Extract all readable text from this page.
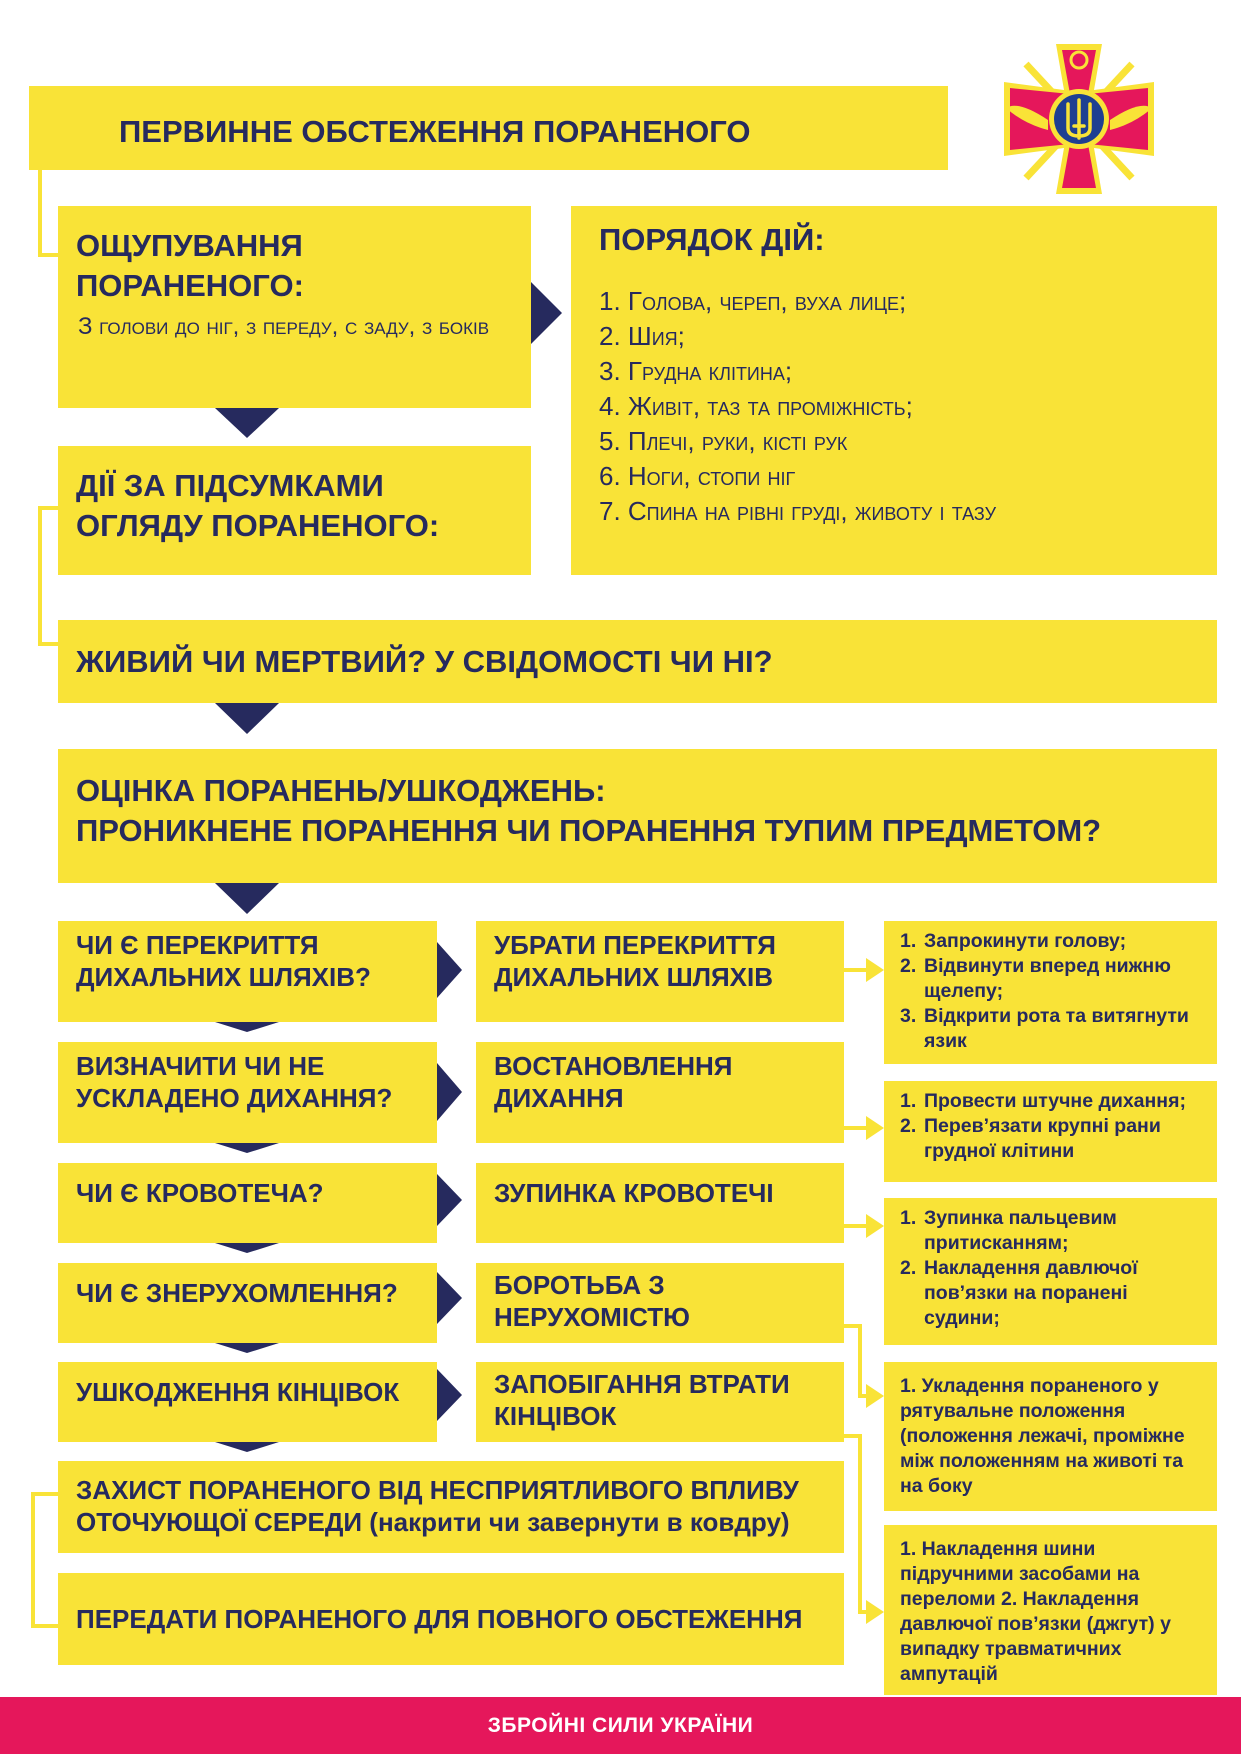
ПЕРВИННЕ ОБСТЕЖЕННЯ ПОРАНЕНОГО
ОЩУПУВАННЯ
ПОРАНЕНОГО:
З голови до ніг, з переду, с заду, з боків
ПОРЯДОК ДІЙ:
1. Голова, череп, вуха лице;
2. Шия;
3. Грудна клітина;
4. Живіт, таз та проміжність;
5. Плечі, руки, кісті рук
6. Ноги, стопи ніг
7. Спина на рівні груді, животу і тазу
ДІЇ ЗА ПІДСУМКАМИ
ОГЛЯДУ ПОРАНЕНОГО:
ЖИВИЙ ЧИ МЕРТВИЙ? У СВІДОМОСТІ ЧИ НІ?
ОЦІНКА ПОРАНЕНЬ/УШКОДЖЕНЬ:
ПРОНИКНЕНЕ ПОРАНЕННЯ ЧИ ПОРАНЕННЯ ТУПИМ ПРЕДМЕТОМ?
ЧИ Є ПЕРЕКРИТТЯ
ДИХАЛЬНИХ ШЛЯХІВ?
УБРАТИ ПЕРЕКРИТТЯ
ДИХАЛЬНИХ ШЛЯХІВ
ВИЗНАЧИТИ ЧИ НЕ
УСКЛАДЕНО ДИХАННЯ?
ВОСТАНОВЛЕННЯ
ДИХАННЯ
ЧИ Є КРОВОТЕЧА?	ЗУПИНКА КРОВОТЕЧІ
ЧИ Є ЗНЕРУХОМЛЕННЯ?	БОРОТЬБА З
НЕРУХОМІСТЮ
УШКОДЖЕННЯ КІНЦІВОК	ЗАПОБІГАННЯ ВТРАТИ
КІНЦІВОК
1. Запрокинути голову;
2. Відвинути вперед нижню щелепу;
3. Відкрити рота та витягнути язик
1. Провести штучне дихання;
2. Перев’язати крупні рани грудної клітини
1. Зупинка пальцевим притисканням;
2. Накладення давлючої пов’язки на поранені судини;
1. Укладення пораненого у рятувальне положення (положення лежачі, проміжне між положенням на животі та на боку
1. Накладення шини підручними засобами на переломи 2. Накладення давлючої пов’язки (джгут) у випадку травматичних ампутацій
ЗАХИСТ ПОРАНЕНОГО ВІД НЕСПРИЯТЛИВОГО ВПЛИВУ
ОТОЧУЮЩОЇ СЕРЕДИ (накрити чи завернути в ковдру)
ПЕРЕДАТИ ПОРАНЕНОГО ДЛЯ ПОВНОГО ОБСТЕЖЕННЯ
ЗБРОЙНІ СИЛИ УКРАЇНИ
